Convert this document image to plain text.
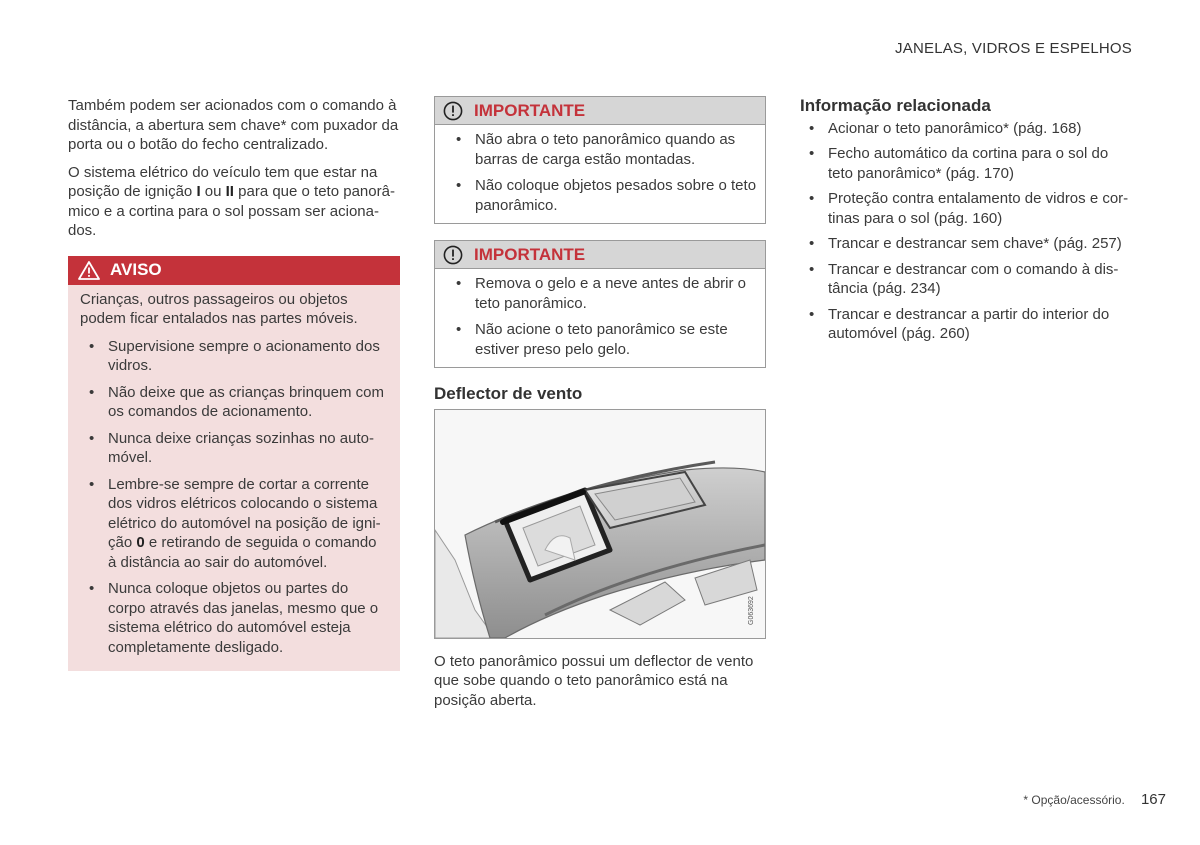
JANELAS, VIDROS E ESPELHOS

Também podem ser acionados com o comando à distância, a abertura sem chave* com puxador da porta ou o botão do fecho centralizado.

O sistema elétrico do veículo tem que estar na posição de ignição I ou II para que o teto panorâmico e a cortina para o sol possam ser acionados.

AVISO

Crianças, outros passageiros ou objetos podem ficar entalados nas partes móveis.

• Supervisione sempre o acionamento dos vidros.
• Não deixe que as crianças brinquem com os comandos de acionamento.
• Nunca deixe crianças sozinhas no automóvel.
• Lembre-se sempre de cortar a corrente dos vidros elétricos colocando o sistema elétrico do automóvel na posição de ignição 0 e retirando de seguida o comando à distância ao sair do automóvel.
• Nunca coloque objetos ou partes do corpo através das janelas, mesmo que o sistema elétrico do automóvel esteja completamente desligado.
IMPORTANTE
• Não abra o teto panorâmico quando as barras de carga estão montadas.
• Não coloque objetos pesados sobre o teto panorâmico.
IMPORTANTE
• Remova o gelo e a neve antes de abrir o teto panorâmico.
• Não acione o teto panorâmico se este estiver preso pelo gelo.
Deflector de vento
G063692

O teto panorâmico possui um deflector de vento que sobe quando o teto panorâmico está na posição aberta.

Informação relacionada
• Acionar o teto panorâmico* (pág. 168)
• Fecho automático da cortina para o sol do teto panorâmico* (pág. 170)
• Proteção contra entalamento de vidros e cortinas para o sol (pág. 160)
• Trancar e destrancar sem chave* (pág. 257)
• Trancar e destrancar com o comando à distância (pág. 234)
• Trancar e destrancar a partir do interior do automóvel (pág. 260)
* Opção/acessório. 167
